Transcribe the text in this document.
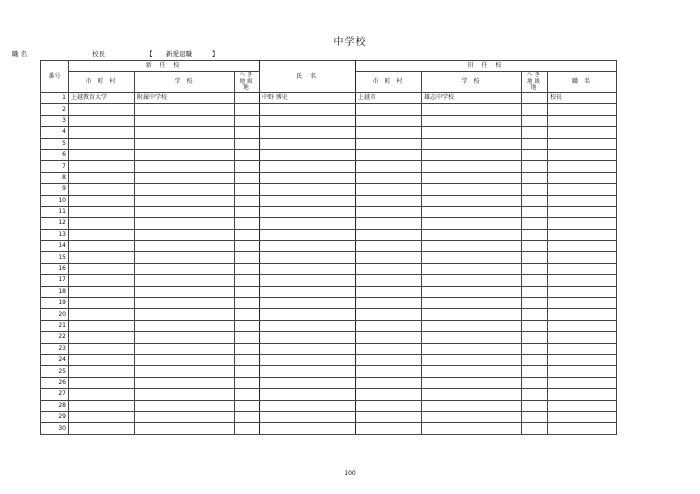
中学校
職 名	校長	【 新愛退職	】
番号	新 任 校			氏 名	旧 任 校			
	市 町 村	学 校	へき地級 地		市 町 村	学 校	へき地級 地	職 名
1	上越教育大学	附属中学校		中野 博史	上越市	雄志中学校		校長
2								
3								
4								
5								
6								
7								
8								
9								
10								
11								
12								
13								
14								
15								
16								
17								
18								
19								
20								
21								
22								
23								
24								
25								
26								
27								
28								
29								
30								
100
